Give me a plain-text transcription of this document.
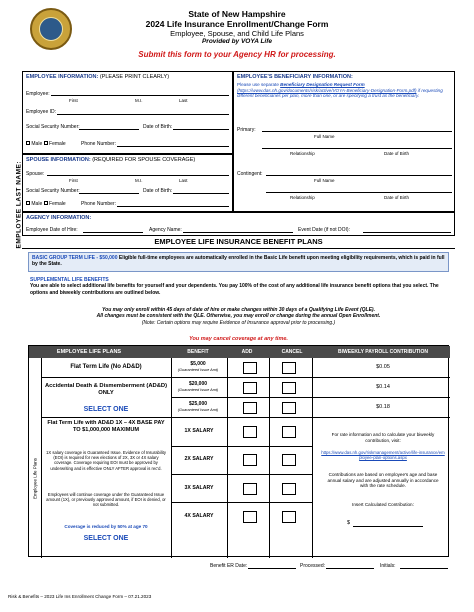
State of New Hampshire
2024 Life Insurance Enrollment/Change Form
Employee, Spouse, and Child Life Plans
Provided by VOYA Life
Submit this form to your Agency HR for processing.
EMPLOYEE LAST NAME:
EMPLOYEE INFORMATION: (PLEASE PRINT CLEARLY)
Employee:
First	M.I.	Last
Employee ID:
Social Security Number:	Date of Birth:
Male Female	Phone Number:
SPOUSE INFORMATION: (REQUIRED FOR SPOUSE COVERAGE)
Spouse:
First	M.I.	Last
Social Security Number:	Date of Birth:
Male Female	Phone Number:
EMPLOYEE'S BENEFICIARY INFORMATION:
Please use separate Beneficiary Designation Request Form (https://www.das.nh.gov/documents/risk/active/VOYA-Beneficiary-Designation-Form.pdf) if requesting different beneficiaries per plan, more than one, or are specifying a trust as the beneficiary.
Primary:
Full Name
Relationship	Date of Birth
Contingent:
Full Name
Relationship	Date of Birth
AGENCY INFORMATION:
Employee Date of Hire:	Agency Name:	Event Date (if not DOI):
EMPLOYEE LIFE INSURANCE BENEFIT PLANS
BASIC GROUP TERM LIFE - $50,000 Eligible full-time employees are automatically enrolled in the Basic Life benefit upon meeting eligibility requirements, which is paid in full by the State.
SUPPLEMENTAL LIFE BENEFITS
You are able to select additional life benefits for yourself and your dependents. You pay 100% of the cost of any additional life insurance benefit options that you select. The options and biweekly contributions are outlined below.
You may only enroll within 45 days of date of hire or make changes within 30 days of a Qualifying Life Event (QLE).
All changes must be consistent with the QLE. Otherwise, you may enroll or change during the annual Open Enrollment.
(Note: Certain options may require Evidence of Insurance approval prior to processing.)
You may cancel coverage at any time.
EMPLOYEE LIFE PLANS	BENEFIT	ADD	CANCEL	BIWEEKLY PAYROLL CONTRIBUTION
Employee Life Plans
Flat Term Life (No AD&D)	$5,000
(Guaranteed Issue Amt)	$0.05
Accidental Death & Dismemberment (AD&D) ONLY
$20,000
(Guaranteed Issue Amt)	$0.14
SELECT ONE
$25,000
(Guaranteed Issue Amt)	$0.18
Flat Term Life with AD&D 1X – 4X BASE PAY TO $1,000,000 MAXIMUM
1X salary coverage is Guaranteed Issue. Evidence of Insurability (EOI) is required for new elections of 2X, 3X or 4X salary coverage. Coverage requiring EOI must be approved by underwriting and is effective ONLY AFTER approval is rec'd.
Employees will continue coverage under the Guaranteed Issue amount (1X), or previously approved amount, if EOI is denied, or not submitted.
Coverage is reduced by 50% at age 70
SELECT ONE
1X SALARY
2X SALARY
3X SALARY
4X SALARY
For rate information and to calculate your biweekly contribution, visit:
https://www.das.nh.gov/riskmanagement/active/life-insurance/employee-plan-options.aspx
Contributions are based on employee's age and base annual salary and are adjusted annually in accordance with the rate schedule.
Insert Calculated Contribution:
$
Benefit ER Date:	Processed:	Initials:
Risk & Benefits – 2023 Life Ins Enrollment Change Form – 07.21.2023
